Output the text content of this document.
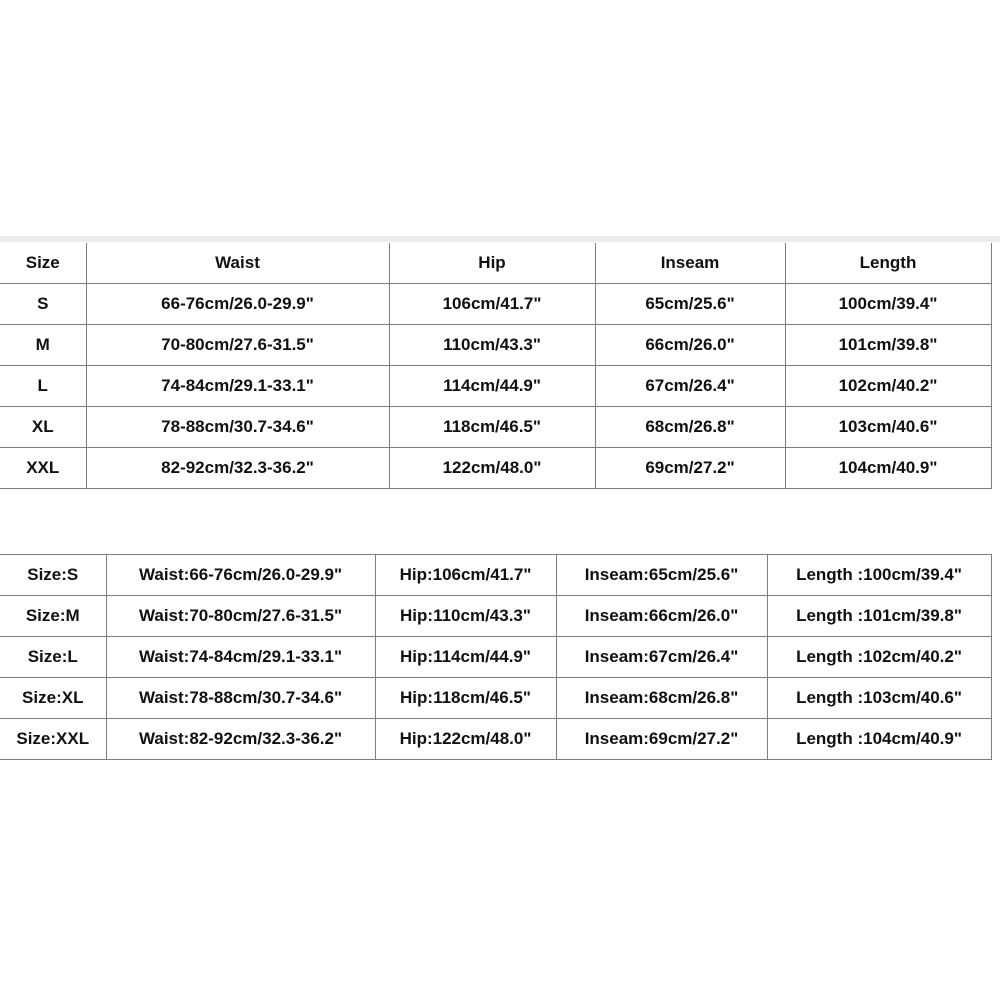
Size	Waist	Hip	Inseam	Length
S	66-76cm/26.0-29.9"	106cm/41.7"	65cm/25.6"	100cm/39.4"
M	70-80cm/27.6-31.5"	110cm/43.3"	66cm/26.0"	101cm/39.8"
L	74-84cm/29.1-33.1"	114cm/44.9"	67cm/26.4"	102cm/40.2"
XL	78-88cm/30.7-34.6"	118cm/46.5"	68cm/26.8"	103cm/40.6"
XXL	82-92cm/32.3-36.2"	122cm/48.0"	69cm/27.2"	104cm/40.9"
Size:S	Waist:66-76cm/26.0-29.9"	Hip:106cm/41.7"	Inseam:65cm/25.6"	Length :100cm/39.4"
Size:M	Waist:70-80cm/27.6-31.5"	Hip:110cm/43.3"	Inseam:66cm/26.0"	Length :101cm/39.8"
Size:L	Waist:74-84cm/29.1-33.1"	Hip:114cm/44.9"	Inseam:67cm/26.4"	Length :102cm/40.2"
Size:XL	Waist:78-88cm/30.7-34.6"	Hip:118cm/46.5"	Inseam:68cm/26.8"	Length :103cm/40.6"
Size:XXL	Waist:82-92cm/32.3-36.2"	Hip:122cm/48.0"	Inseam:69cm/27.2"	Length :104cm/40.9"
